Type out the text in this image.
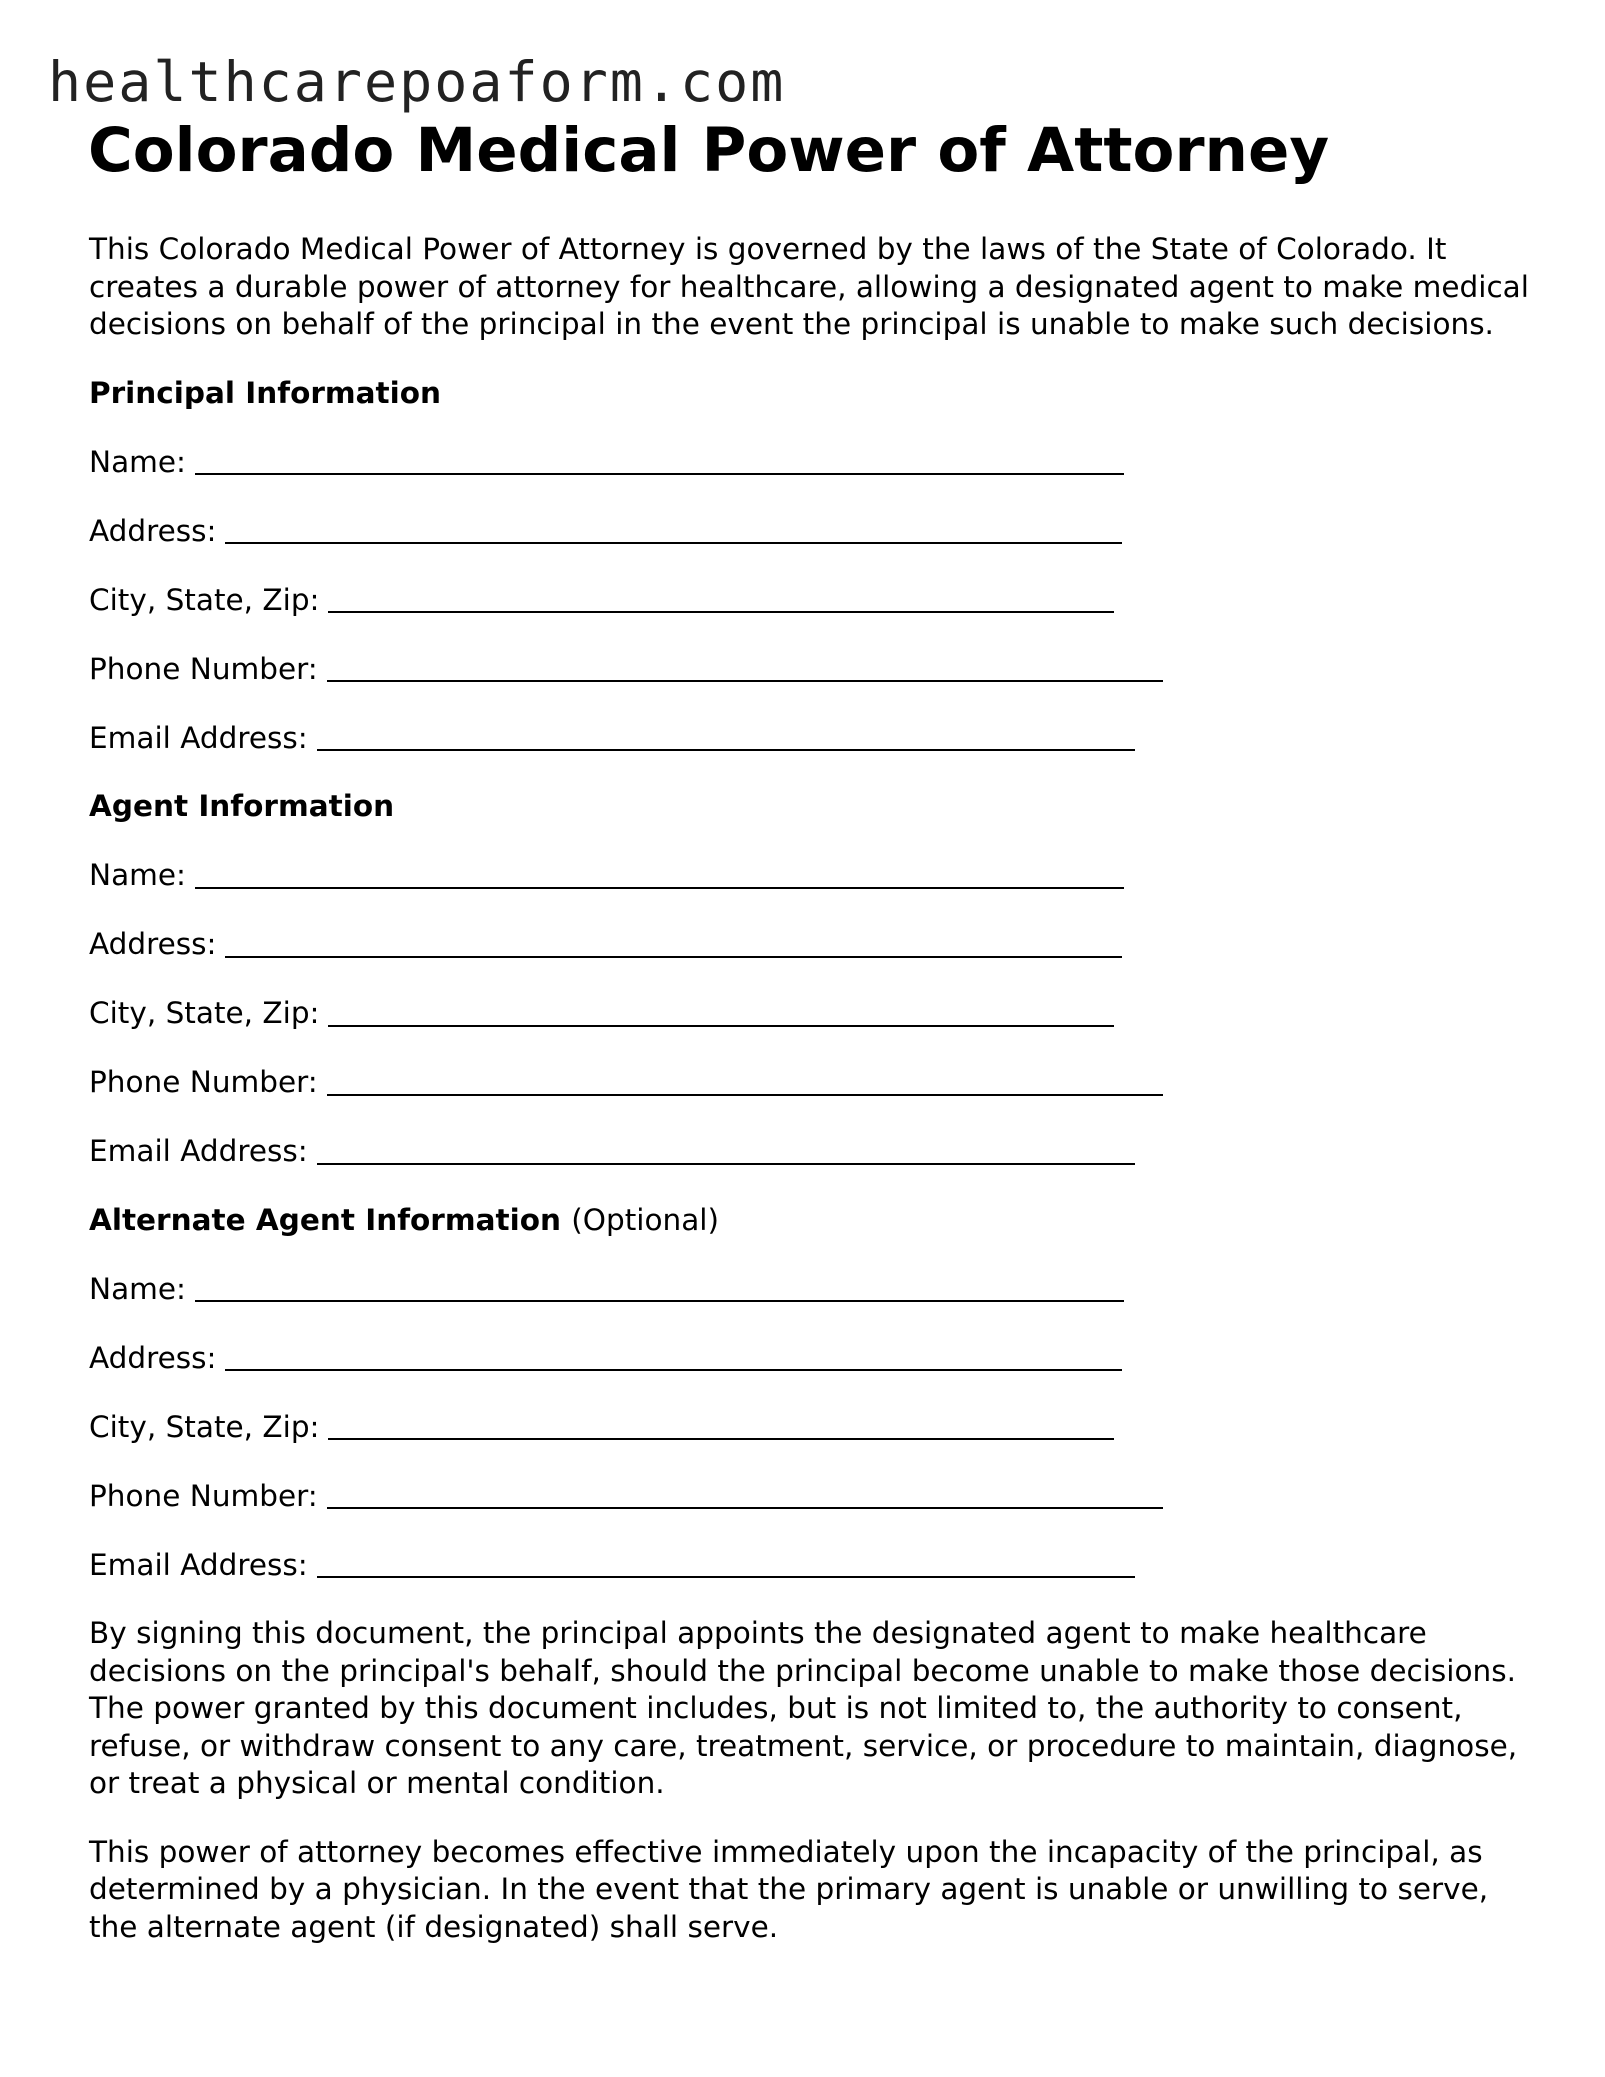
healthcarepoaform.com
Colorado Medical Power of Attorney

This Colorado Medical Power of Attorney is governed by the laws of the State of Colorado. It creates a durable power of attorney for healthcare, allowing a designated agent to make medical decisions on behalf of the principal in the event the principal is unable to make such decisions.

Principal Information
Name:
Address:
City, State, Zip:
Phone Number:
Email Address:
Agent Information
Name:
Address:
City, State, Zip:
Phone Number:
Email Address:
Alternate Agent Information (Optional)
Name:
Address:
City, State, Zip:
Phone Number:
Email Address:

By signing this document, the principal appoints the designated agent to make healthcare decisions on the principal's behalf, should the principal become unable to make those decisions. The power granted by this document includes, but is not limited to, the authority to consent, refuse, or withdraw consent to any care, treatment, service, or procedure to maintain, diagnose, or treat a physical or mental condition.

This power of attorney becomes effective immediately upon the incapacity of the principal, as determined by a physician. In the event that the primary agent is unable or unwilling to serve, the alternate agent (if designated) shall serve.
